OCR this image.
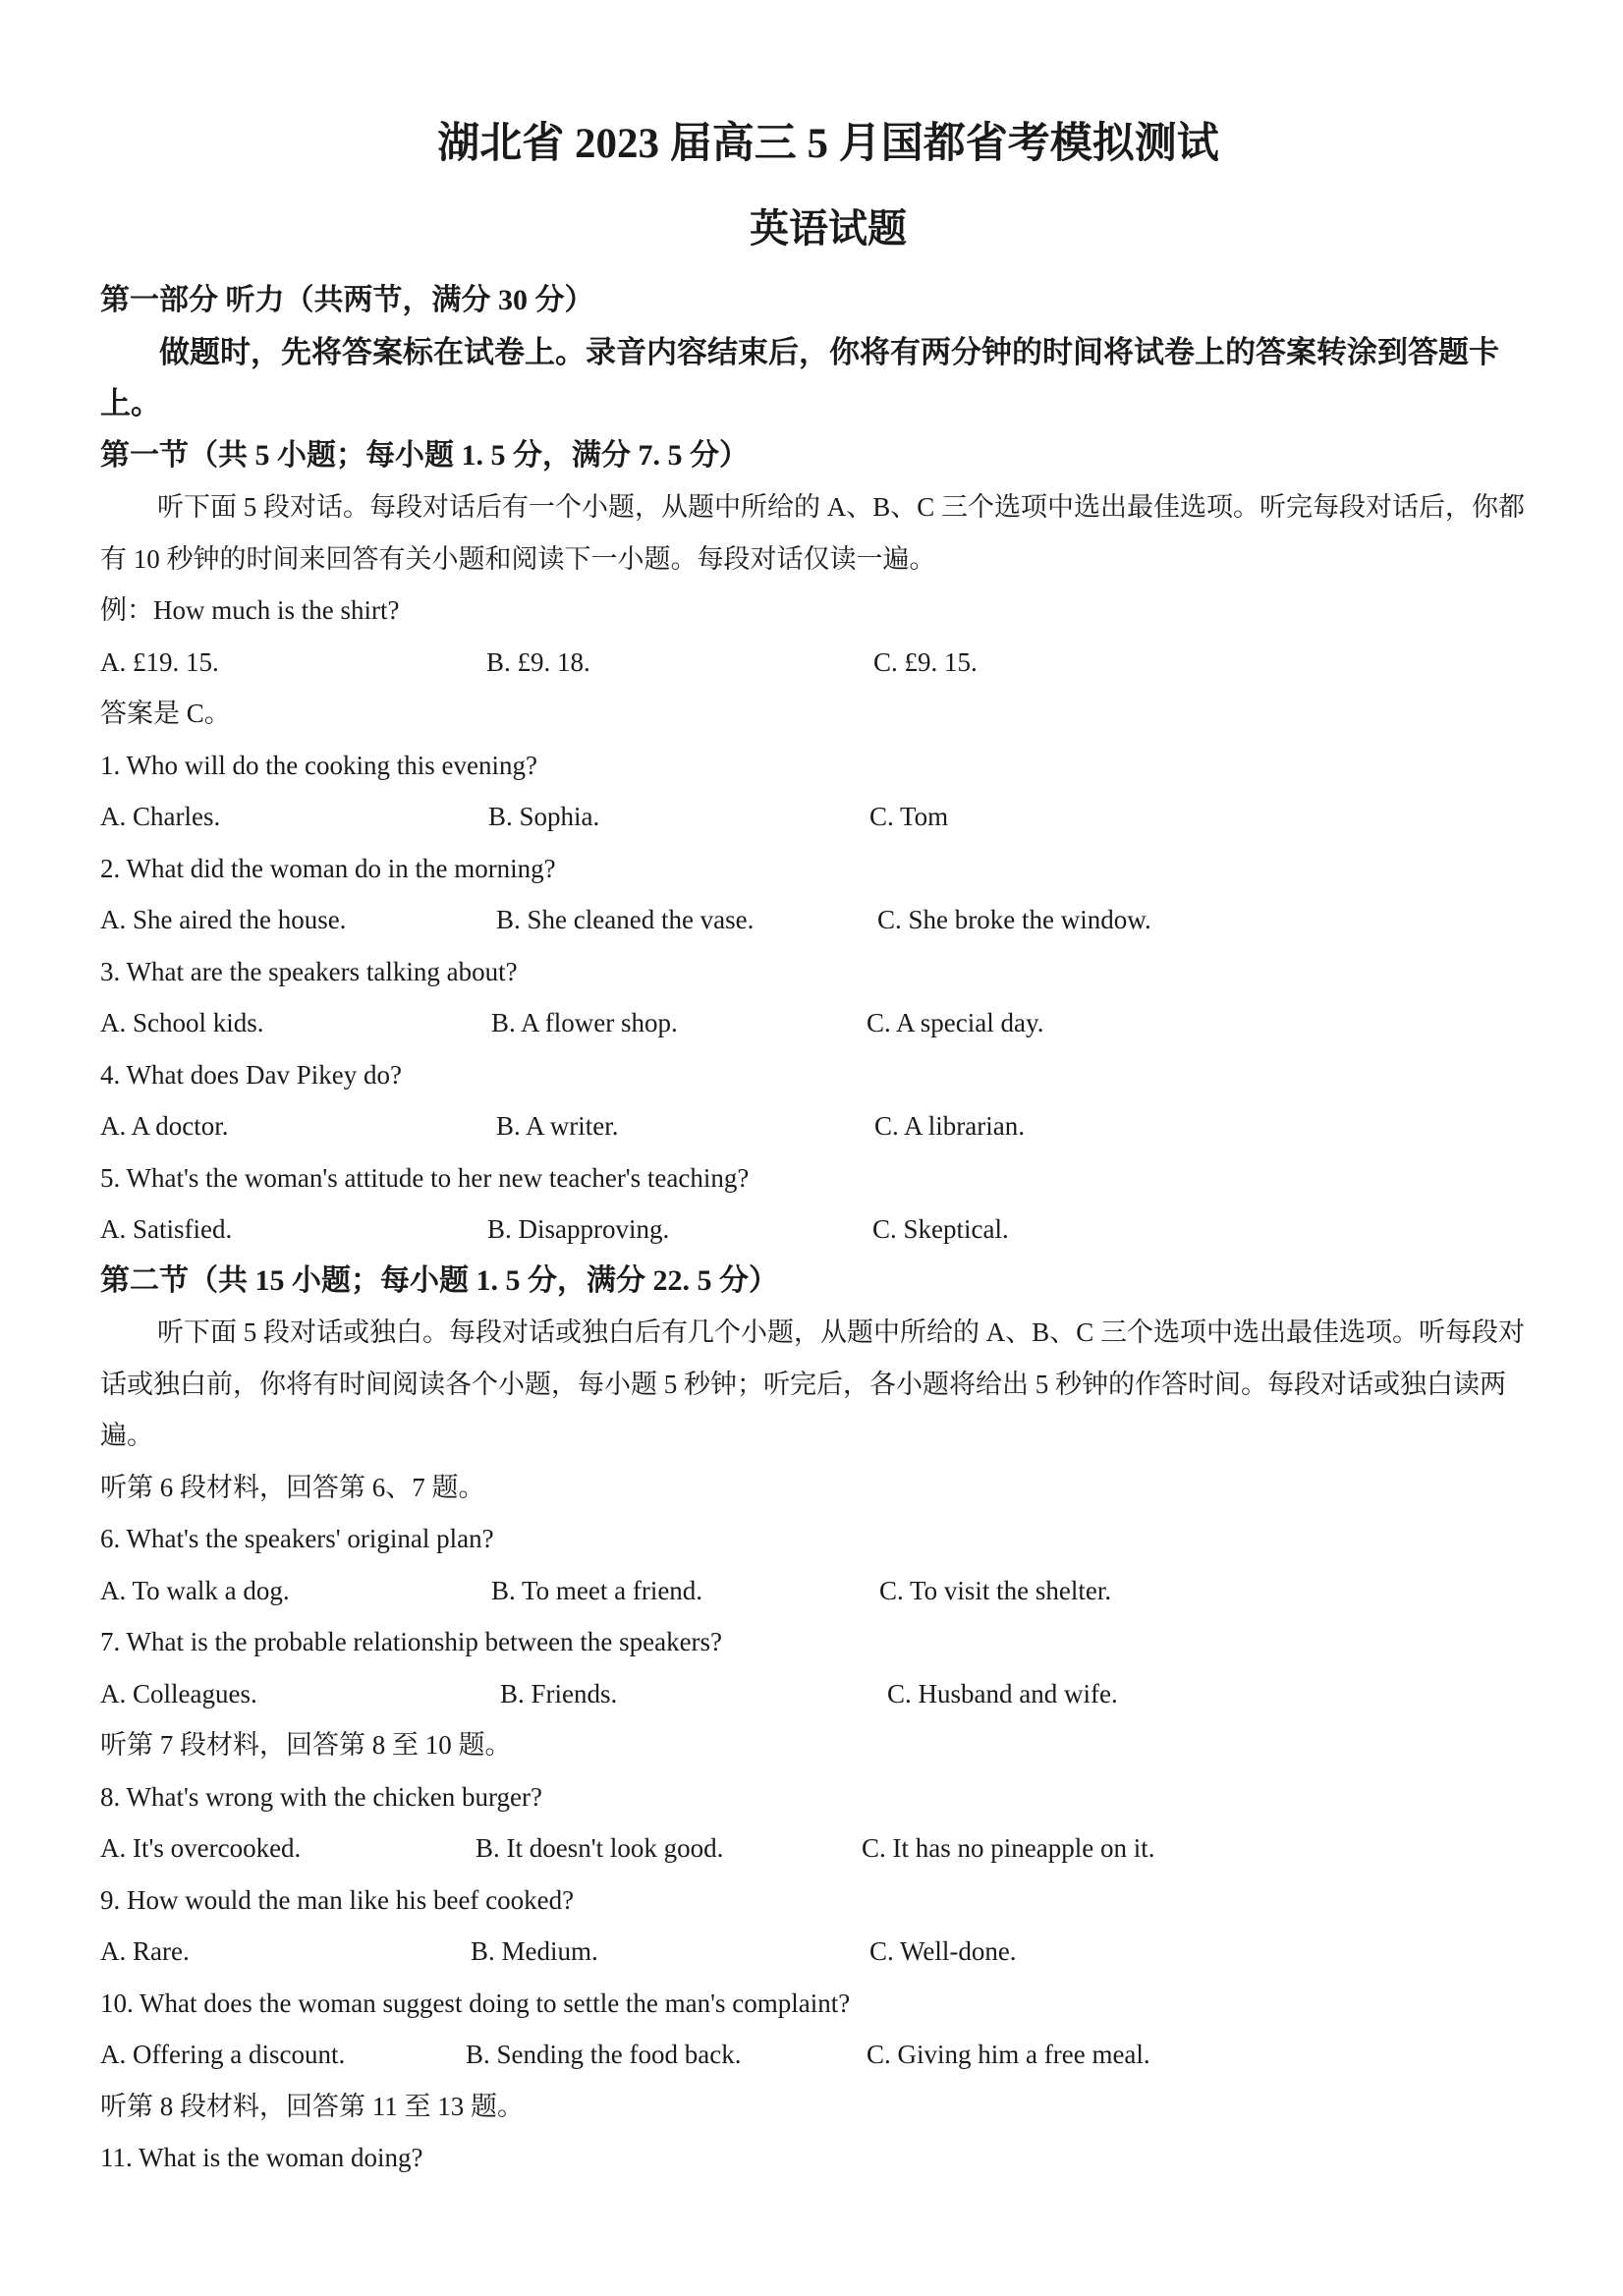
湖北省 2023 届高三 5 月国都省考模拟测试
英语试题
第一部分 听力（共两节，满分 30 分）

做题时，先将答案标在试卷上。录音内容结束后，你将有两分钟的时间将试卷上的答案转涂到答题卡上。

第一节（共 5 小题；每小题 1. 5 分，满分 7. 5 分）

听下面 5 段对话。每段对话后有一个小题，从题中所给的 A、B、C 三个选项中选出最佳选项。听完每段对话后，你都有 10 秒钟的时间来回答有关小题和阅读下一小题。每段对话仅读一遍。

例：How much is the shirt?
A. £19. 15.	B. £9. 18.	C. £9. 15.
答案是 C。
1. Who will do the cooking this evening?
A. Charles.	B. Sophia.	C. Tom
2. What did the woman do in the morning?
A. She aired the house.	B. She cleaned the vase.	C. She broke the window.
3. What are the speakers talking about?
A. School kids.	B. A flower shop.	C. A special day.
4. What does Dav Pikey do?
A. A doctor.	B. A writer.	C. A librarian.
5. What's the woman's attitude to her new teacher's teaching?
A. Satisfied.	B. Disapproving.	C. Skeptical.
第二节（共 15 小题；每小题 1. 5 分，满分 22. 5 分）

听下面 5 段对话或独白。每段对话或独白后有几个小题，从题中所给的 A、B、C 三个选项中选出最佳选项。听每段对话或独白前，你将有时间阅读各个小题，每小题 5 秒钟；听完后，各小题将给出 5 秒钟的作答时间。每段对话或独白读两遍。

听第 6 段材料，回答第 6、7 题。
6. What's the speakers' original plan?
A. To walk a dog.	B. To meet a friend.	C. To visit the shelter.
7. What is the probable relationship between the speakers?
A. Colleagues.	B. Friends.	C. Husband and wife.
听第 7 段材料，回答第 8 至 10 题。
8. What's wrong with the chicken burger?
A. It's overcooked.	B. It doesn't look good.	C. It has no pineapple on it.
9. How would the man like his beef cooked?
A. Rare.	B. Medium.	C. Well-done.
10. What does the woman suggest doing to settle the man's complaint?
A. Offering a discount.	B. Sending the food back.	C. Giving him a free meal.
听第 8 段材料，回答第 11 至 13 题。
11. What is the woman doing?
